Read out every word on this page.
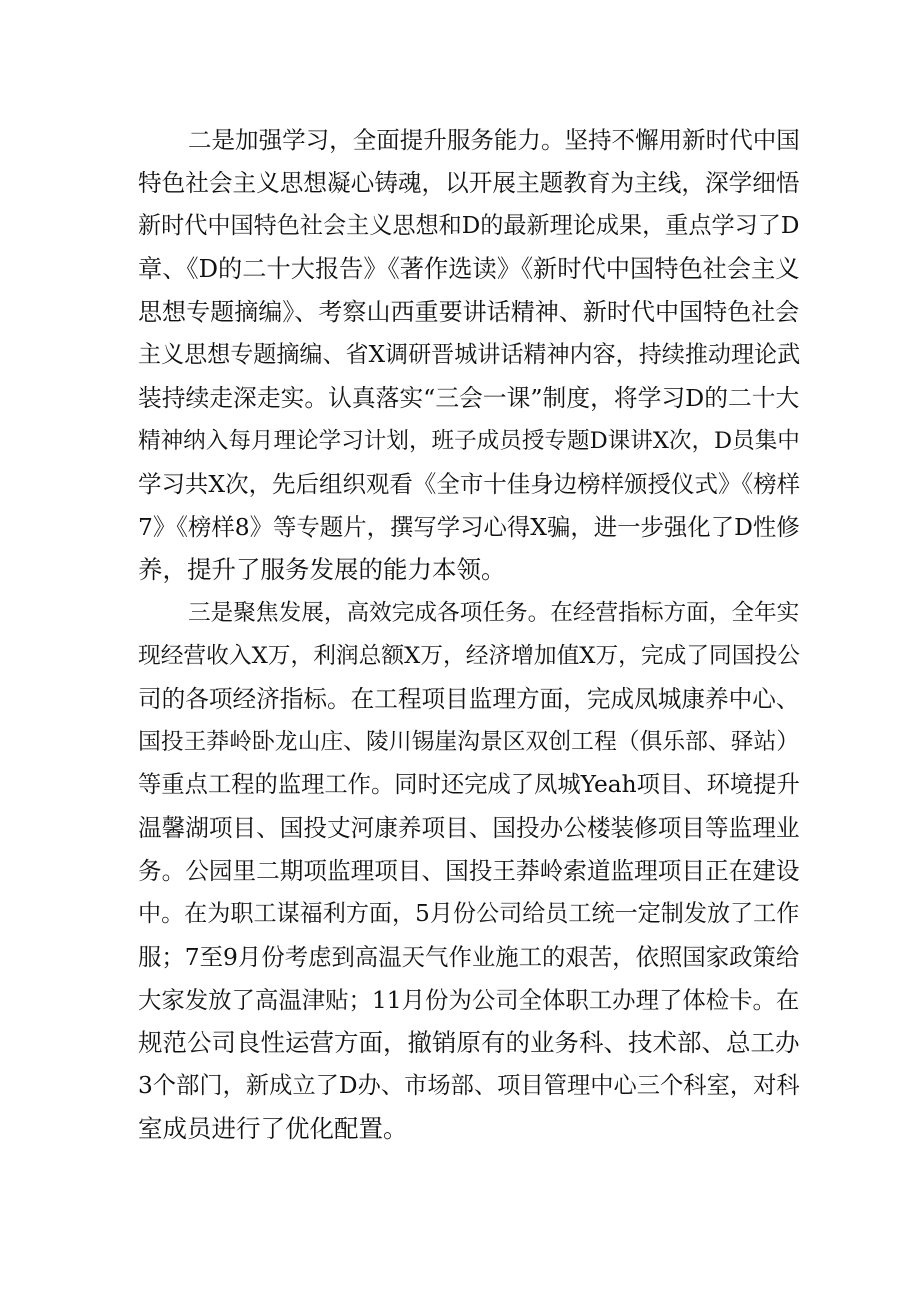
二是加强学习，全面提升服务能力。坚持不懈用新时代中国

特色社会主义思想凝心铸魂，以开展主题教育为主线，深学细悟

新时代中国特色社会主义思想和D的最新理论成果，重点学习了D

章、《D的二十大报告》《著作选读》《新时代中国特色社会主义

思想专题摘编》、考察山西重要讲话精神、新时代中国特色社会

主义思想专题摘编、省X调研晋城讲话精神内容，持续推动理论武

装持续走深走实。认真落实“三会一课”制度，将学习D的二十大

精神纳入每月理论学习计划，班子成员授专题D课讲X次，D员集中

学习共X次，先后组织观看《全市十佳身边榜样颁授仪式》《榜样

7》《榜样8》等专题片，撰写学习心得X骗，进一步强化了D性修

养，提升了服务发展的能力本领。

三是聚焦发展，高效完成各项任务。在经营指标方面，全年实

现经营收入X万，利润总额X万，经济增加值X万，完成了同国投公

司的各项经济指标。在工程项目监理方面，完成凤城康养中心、

国投王莽岭卧龙山庄、陵川锡崖沟景区双创工程（俱乐部、驿站）

等重点工程的监理工作。同时还完成了凤城Yeah项目、环境提升

温馨湖项目、国投丈河康养项目、国投办公楼装修项目等监理业

务。公园里二期项监理项目、国投王莽岭索道监理项目正在建设

中。在为职工谋福利方面，5月份公司给员工统一定制发放了工作

服；7至9月份考虑到高温天气作业施工的艰苦，依照国家政策给

大家发放了高温津贴；11月份为公司全体职工办理了体检卡。在

规范公司良性运营方面，撤销原有的业务科、技术部、总工办

3个部门，新成立了D办、市场部、项目管理中心三个科室，对科

室成员进行了优化配置。
